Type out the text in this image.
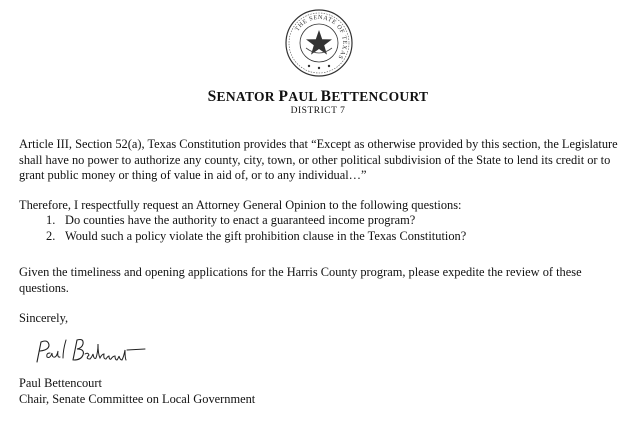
THE SENATE OF TEXAS
SENATOR PAUL BETTENCOURT
DISTRICT 7

Article III, Section 52(a), Texas Constitution provides that “Except as otherwise provided by this section, the Legislature shall have no power to authorize any county, city, town, or other political subdivision of the State to lend its credit or to grant public money or thing of value in aid of, or to any individual…”

Therefore, I respectfully request an Attorney General Opinion to the following questions:

1. Do counties have the authority to enact a guaranteed income program?
2. Would such a policy violate the gift prohibition clause in the Texas Constitution?

Given the timeliness and opening applications for the Harris County program, please expedite the review of these questions.

Sincerely,

Paul Bettencourt

Chair, Senate Committee on Local Government
